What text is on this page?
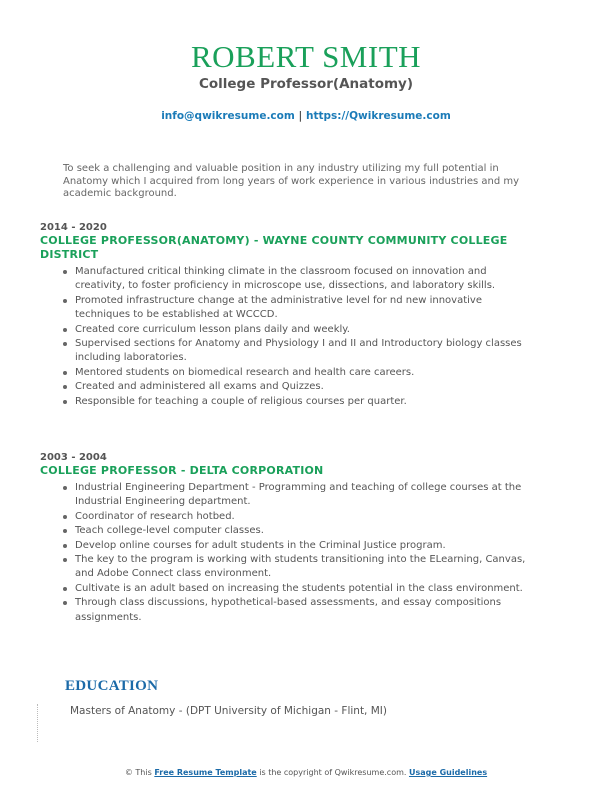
ROBERT SMITH
College Professor(Anatomy)
info@qwikresume.com | https://Qwikresume.com
To seek a challenging and valuable position in any industry utilizing my full potential in Anatomy which I acquired from long years of work experience in various industries and my academic background.
2014 - 2020
COLLEGE PROFESSOR(ANATOMY) - WAYNE COUNTY COMMUNITY COLLEGE DISTRICT
Manufactured critical thinking climate in the classroom focused on innovation and creativity, to foster proficiency in microscope use, dissections, and laboratory skills.
Promoted infrastructure change at the administrative level for nd new innovative techniques to be established at WCCCD.
Created core curriculum lesson plans daily and weekly.
Supervised sections for Anatomy and Physiology I and II and Introductory biology classes including laboratories.
Mentored students on biomedical research and health care careers.
Created and administered all exams and Quizzes.
Responsible for teaching a couple of religious courses per quarter.
2003 - 2004
COLLEGE PROFESSOR - DELTA CORPORATION
Industrial Engineering Department - Programming and teaching of college courses at the Industrial Engineering department.
Coordinator of research hotbed.
Teach college-level computer classes.
Develop online courses for adult students in the Criminal Justice program.
The key to the program is working with students transitioning into the ELearning, Canvas, and Adobe Connect class environment.
Cultivate is an adult based on increasing the students potential in the class environment.
Through class discussions, hypothetical-based assessments, and essay compositions assignments.
EDUCATION
Masters of Anatomy - (DPT University of Michigan - Flint, MI)
© This Free Resume Template is the copyright of Qwikresume.com. Usage Guidelines
